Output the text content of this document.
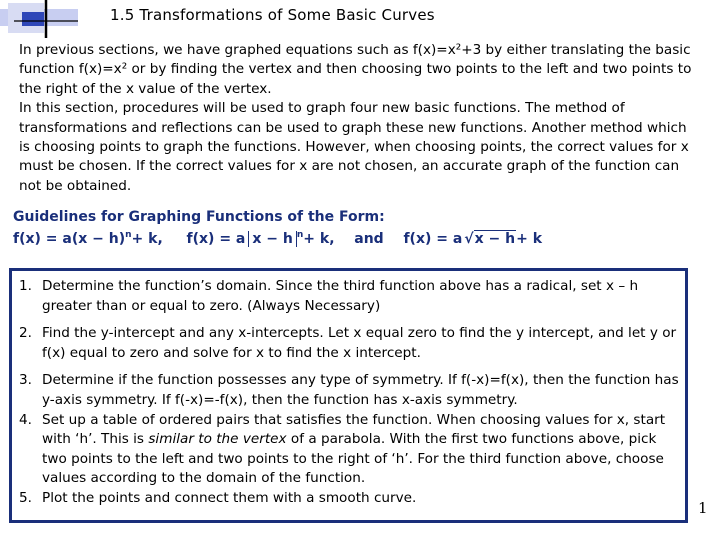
1.5 Transformations of Some Basic Curves

In previous sections, we have graphed equations such as f(x)=x²+3 by either translating the basic function f(x)=x² or by finding the vertex and then choosing two points to the left and two points to the right of the x value of the vertex.

In this section, procedures will be used to graph four new basic functions. The method of transformations and reflections can be used to graph these new functions. Another method which is choosing points to graph the functions. However, when choosing points, the correct values for x must be chosen. If the correct values for x are not chosen, an accurate graph of the function can not be obtained.

Guidelines for Graphing Functions of the Form:
$f(x) = a(x - h)^n+ k$, f(x) = a x − h $^n$+ k, and f(x) = a √x − h+ k
1. Determine the function’s domain. Since the third function above has a radical, set x – h greater than or equal to zero. (Always Necessary)
2. Find the y-intercept and any x-intercepts. Let x equal zero to find the y intercept, and let y or f(x) equal to zero and solve for x to find the x intercept.
3. Determine if the function possesses any type of symmetry. If f(-x)=f(x), then the function has y-axis symmetry. If f(-x)=-f(x), then the function has x-axis symmetry.
4. Set up a table of ordered pairs that satisfies the function. When choosing values for x, start with ‘h’. This is similar to the vertex of a parabola. With the first two functions above, pick two points to the left and two points to the right of ‘h’. For the third function above, choose values according to the domain of the function.
5. Plot the points and connect them with a smooth curve.
1
